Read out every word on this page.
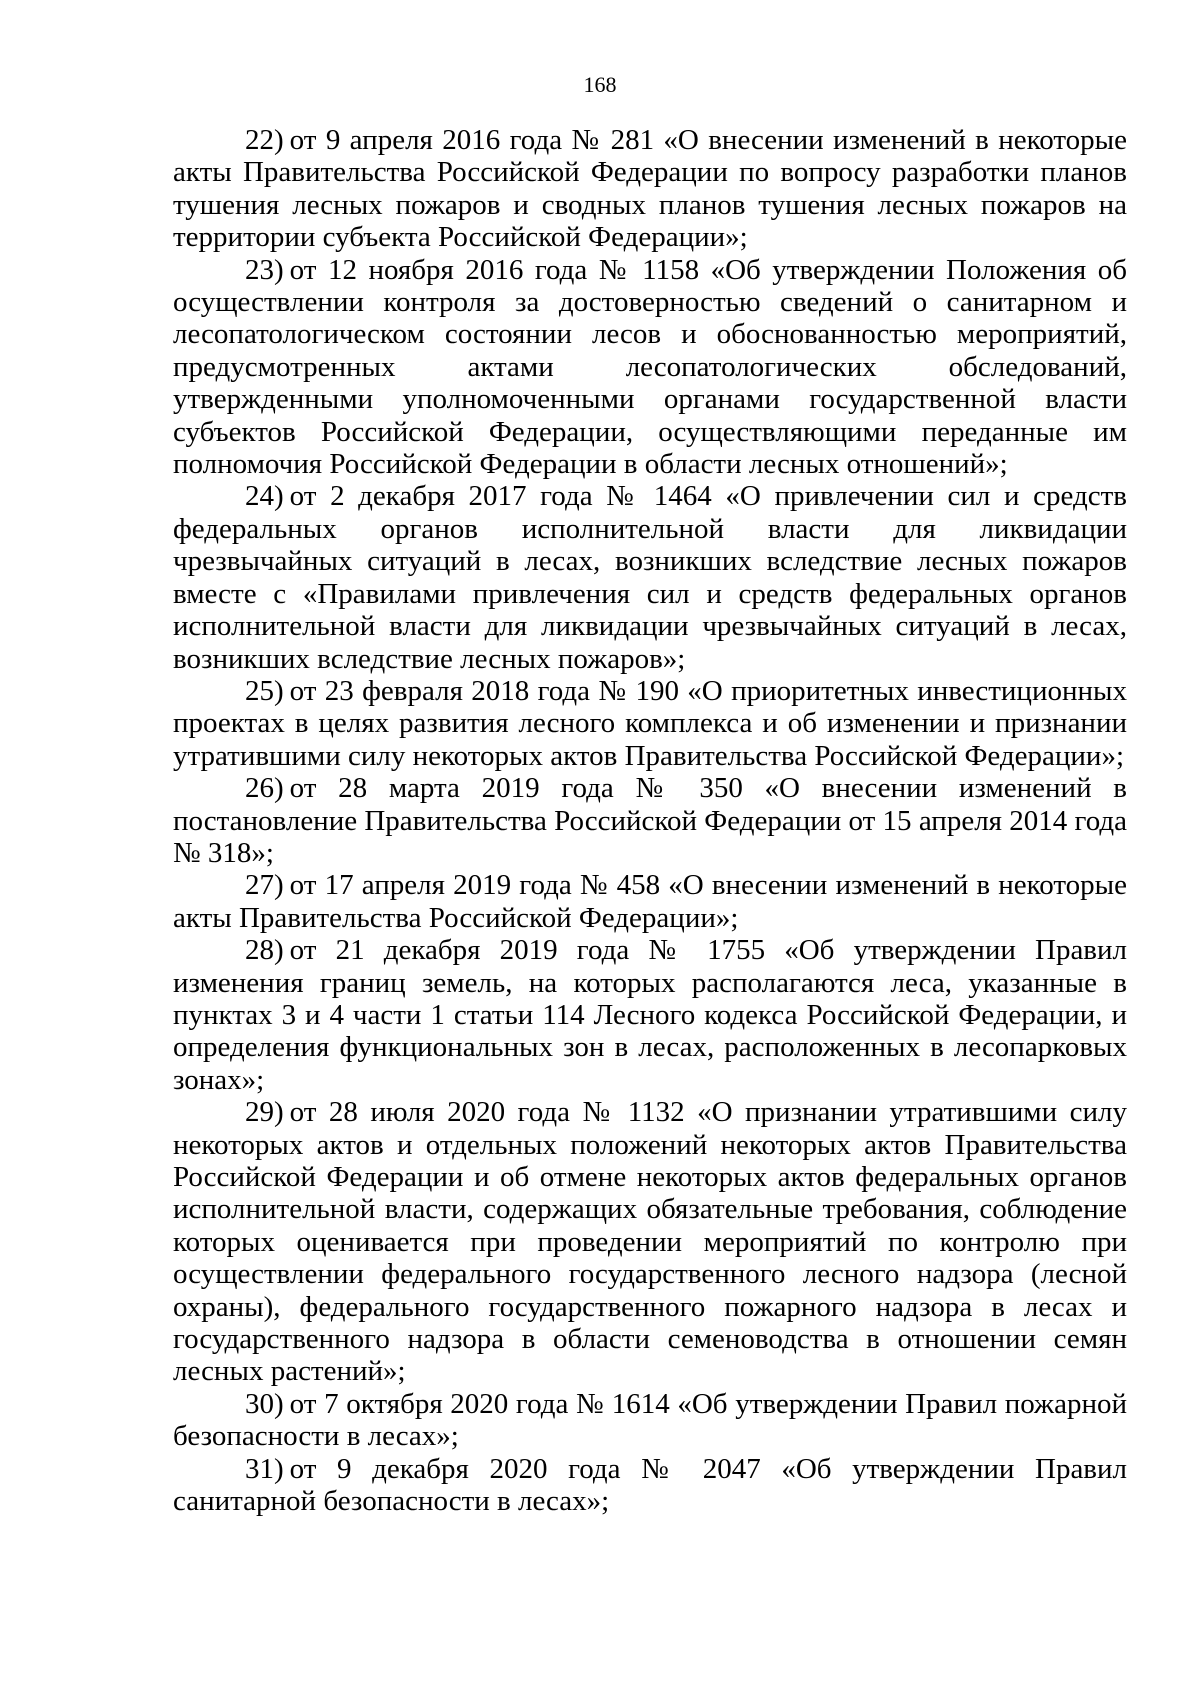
168

22) от 9 апреля 2016 года № 281 «О внесении изменений в некоторые акты Правительства Российской Федерации по вопросу разработки планов тушения лесных пожаров и сводных планов тушения лесных пожаров на территории субъекта Российской Федерации»;

23) от 12 ноября 2016 года № 1158 «Об утверждении Положения об осуществлении контроля за достоверностью сведений о санитарном и лесопатологическом состоянии лесов и обоснованностью мероприятий, предусмотренных актами лесопатологических обследований, утвержденными уполномоченными органами государственной власти субъектов Российской Федерации, осуществляющими переданные им полномочия Российской Федерации в области лесных отношений»;

24) от 2 декабря 2017 года № 1464 «О привлечении сил и средств федеральных органов исполнительной власти для ликвидации чрезвычайных ситуаций в лесах, возникших вследствие лесных пожаров вместе с «Правилами привлечения сил и средств федеральных органов исполнительной власти для ликвидации чрезвычайных ситуаций в лесах, возникших вследствие лесных пожаров»;

25) от 23 февраля 2018 года № 190 «О приоритетных инвестиционных проектах в целях развития лесного комплекса и об изменении и признании утратившими силу некоторых актов Правительства Российской Федерации»;

26) от 28 марта 2019 года № 350 «О внесении изменений в постановление Правительства Российской Федерации от 15 апреля 2014 года № 318»;

27) от 17 апреля 2019 года № 458 «О внесении изменений в некоторые акты Правительства Российской Федерации»;

28) от 21 декабря 2019 года № 1755 «Об утверждении Правил изменения границ земель, на которых располагаются леса, указанные в пунктах 3 и 4 части 1 статьи 114 Лесного кодекса Российской Федерации, и определения функциональных зон в лесах, расположенных в лесопарковых зонах»;

29) от 28 июля 2020 года № 1132 «О признании утратившими силу некоторых актов и отдельных положений некоторых актов Правительства Российской Федерации и об отмене некоторых актов федеральных органов исполнительной власти, содержащих обязательные требования, соблюдение которых оценивается при проведении мероприятий по контролю при осуществлении федерального государственного лесного надзора (лесной охраны), федерального государственного пожарного надзора в лесах и государственного надзора в области семеноводства в отношении семян лесных растений»;

30) от 7 октября 2020 года № 1614 «Об утверждении Правил пожарной безопасности в лесах»;

31) от 9 декабря 2020 года № 2047 «Об утверждении Правил санитарной безопасности в лесах»;
